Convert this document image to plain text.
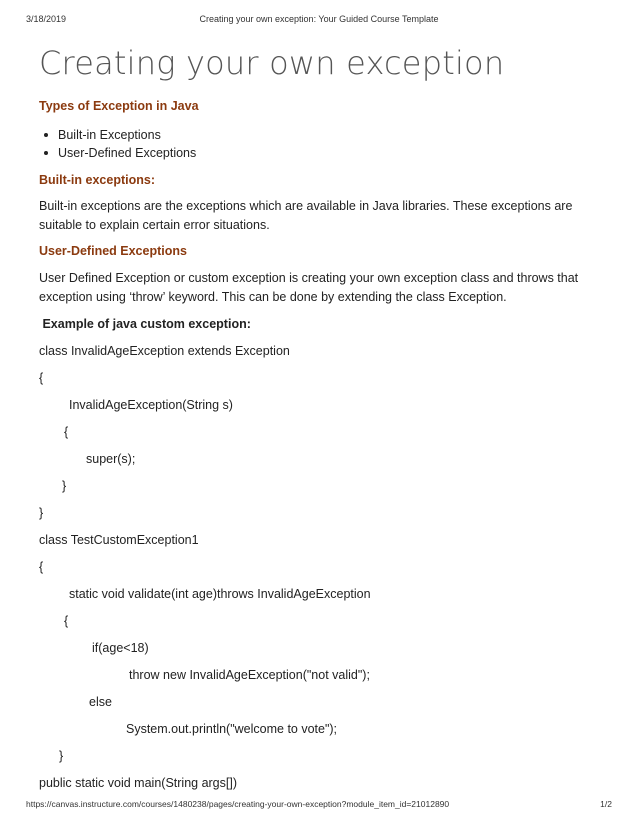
3/18/2019	Creating your own exception: Your Guided Course Template
Creating your own exception
Types of Exception in Java
Built-in Exceptions
User-Defined Exceptions
Built-in exceptions:

Built-in exceptions are the exceptions which are available in Java libraries. These exceptions are suitable to explain certain error situations.

User-Defined Exceptions

User Defined Exception or custom exception is creating your own exception class and throws that exception using ‘throw’ keyword. This can be done by extending the class Exception.

Example of java custom exception:

class InvalidAgeException extends Exception
{
InvalidAgeException(String s)
{
super(s);
}
}
class TestCustomException1
{
static void validate(int age)throws InvalidAgeException
{
if(age<18)
throw new InvalidAgeException("not valid");
else
System.out.println("welcome to vote");
}
public static void main(String args[])
https://canvas.instructure.com/courses/1480238/pages/creating-your-own-exception?module_item_id=21012890	1/2
